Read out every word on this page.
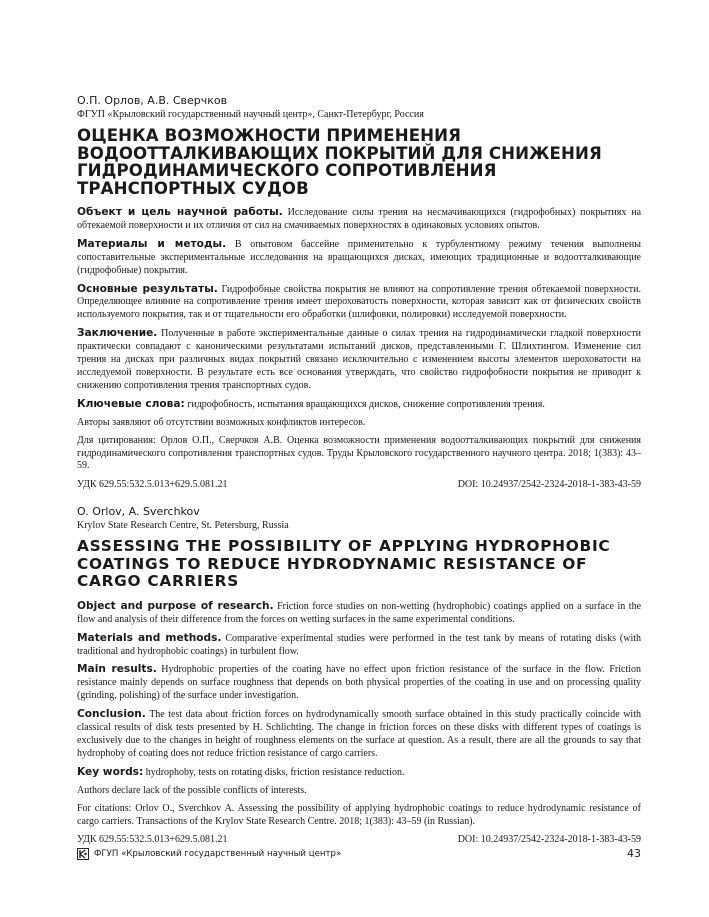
О.П. Орлов, А.В. Сверчков

ФГУП «Крыловский государственный научный центр», Санкт-Петербург, Россия

ОЦЕНКА ВОЗМОЖНОСТИ ПРИМЕНЕНИЯ ВОДООТТАЛКИВАЮЩИХ ПОКРЫТИЙ ДЛЯ СНИЖЕНИЯ ГИДРОДИНАМИЧЕСКОГО СОПРОТИВЛЕНИЯ ТРАНСПОРТНЫХ СУДОВ

Объект и цель научной работы. Исследование силы трения на несмачивающихся (гидрофобных) покрытиях на обтекаемой поверхности и их отличия от сил на смачиваемых поверхностях в одинаковых условиях опытов.

Материалы и методы. В опытовом бассейне применительно к турбулентному режиму течения выполнены сопоставительные экспериментальные исследования на вращающихся дисках, имеющих традиционные и водоотталкивающие (гидрофобные) покрытия.

Основные результаты. Гидрофобные свойства покрытия не влияют на сопротивление трения обтекаемой поверхности. Определяющее влияние на сопротивление трения имеет шероховатость поверхности, которая зависит как от физических свойств используемого покрытия, так и от тщательности его обработки (шлифовки, полировки) исследуемой поверхности.

Заключение. Полученные в работе экспериментальные данные о силах трения на гидродинамически гладкой поверхности практически совпадают с каноническими результатами испытаний дисков, представленными Г. Шлихтингом. Изменение сил трения на дисках при различных видах покрытий связано исключительно с изменением высоты элементов шероховатости на исследуемой поверхности. В результате есть все основания утверждать, что свойство гидрофобности покрытия не приводит к снижению сопротивления трения транспортных судов.

Ключевые слова: гидрофобность, испытания вращающихся дисков, снижение сопротивления трения.

Авторы заявляют об отсутствии возможных конфликтов интересов.

Для цитирования: Орлов О.П., Сверчков А.В. Оценка возможности применения водоотталкивающих покрытий для снижения гидродинамического сопротивления транспортных судов. Труды Крыловского государственного научного центра. 2018; 1(383): 43–59.

УДК 629.55:532.5.013+629.5.081.21	DOI: 10.24937/2542-2324-2018-1-383-43-59

O. Orlov, A. Sverchkov

Krylov State Research Centre, St. Petersburg, Russia

ASSESSING THE POSSIBILITY OF APPLYING HYDROPHOBIC COATINGS TO REDUCE HYDRODYNAMIC RESISTANCE OF CARGO CARRIERS

Object and purpose of research. Friction force studies on non-wetting (hydrophobic) coatings applied on a surface in the flow and analysis of their difference from the forces on wetting surfaces in the same experimental conditions.

Materials and methods. Comparative experimental studies were performed in the test tank by means of rotating disks (with traditional and hydrophobic coatings) in turbulent flow.

Main results. Hydrophobic properties of the coating have no effect upon friction resistance of the surface in the flow. Friction resistance mainly depends on surface roughness that depends on both physical properties of the coating in use and on processing quality (grinding, polishing) of the surface under investigation.

Conclusion. The test data about friction forces on hydrodynamically smooth surface obtained in this study practically coincide with classical results of disk tests presented by H. Schlichting. The change in friction forces on these disks with different types of coatings is exclusively due to the changes in height of roughness elements on the surface at question. As a result, there are all the grounds to say that hydrophoby of coating does not reduce friction resistance of cargo carriers.

Key words: hydrophoby, tests on rotating disks, friction resistance reduction.

Authors declare lack of the possible conflicts of interests.

For citations: Orlov O., Sverchkov A. Assessing the possibility of applying hydrophobic coatings to reduce hydrodynamic resistance of cargo carriers. Transactions of the Krylov State Research Centre. 2018; 1(383): 43–59 (in Russian).

УДК 629.55:532.5.013+629.5.081.21	DOI: 10.24937/2542-2324-2018-1-383-43-59
ФГУП «Крыловский государственный научный центр»	43
